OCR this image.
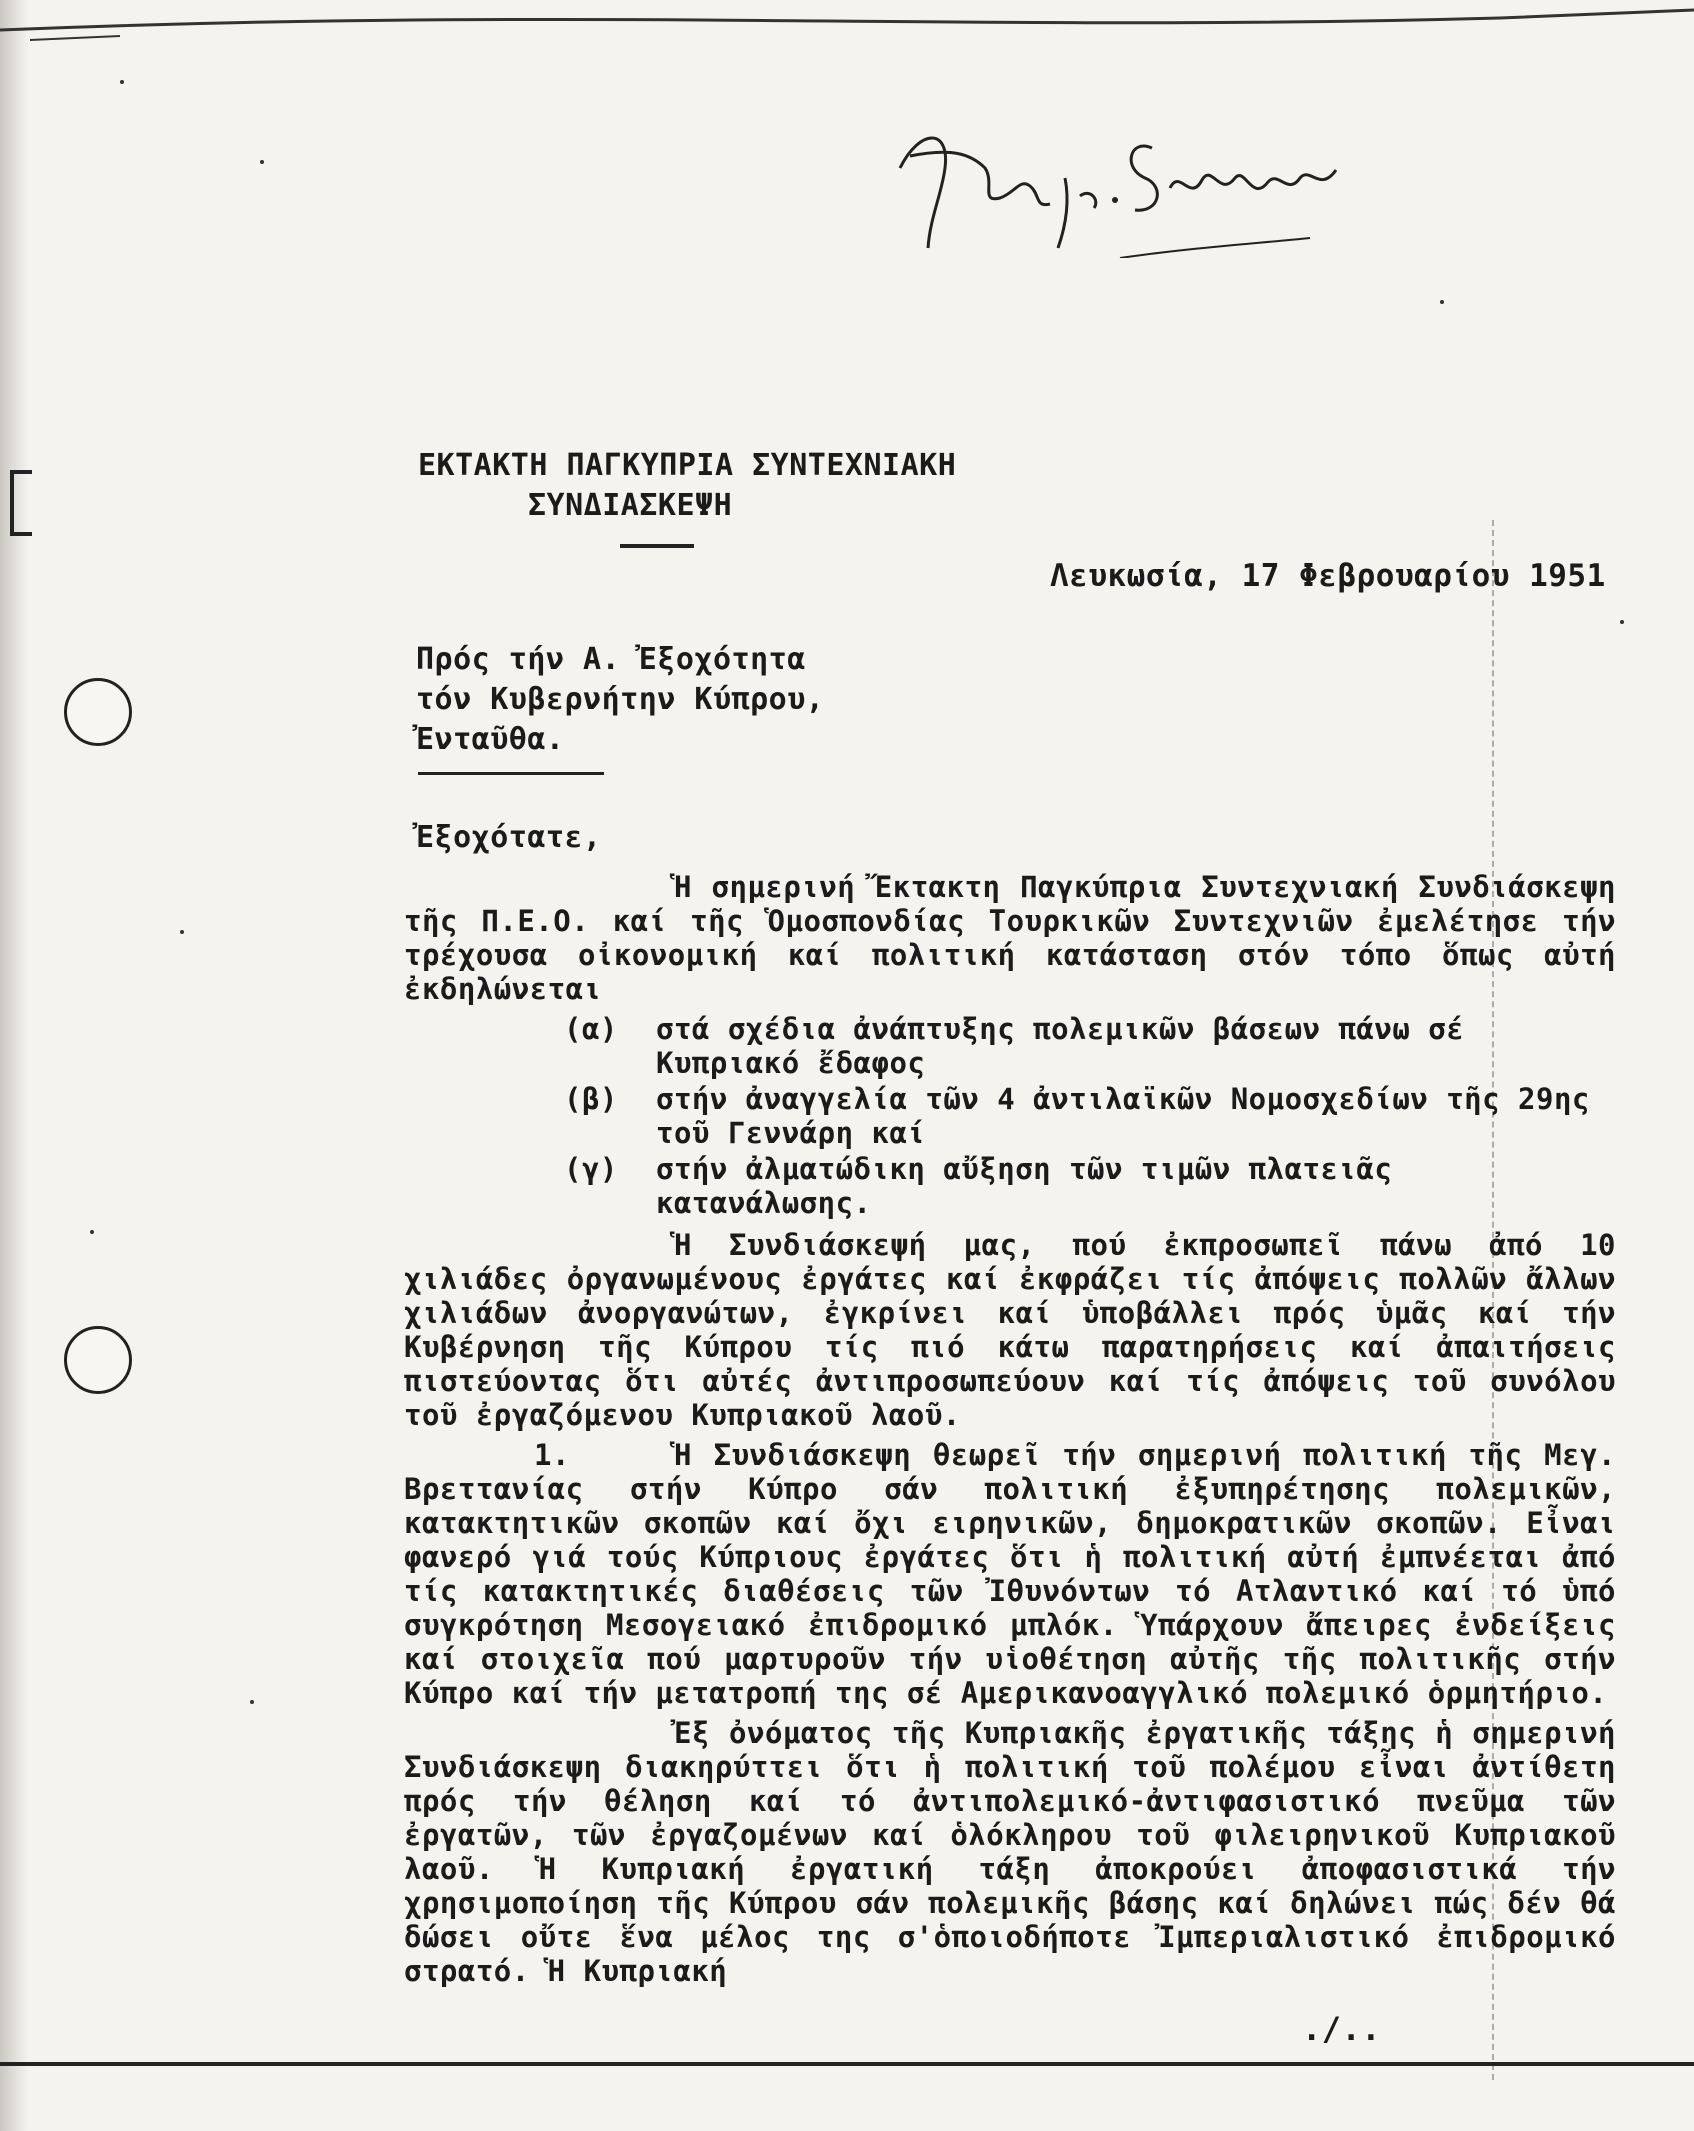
ΕΚΤΑΚΤΗ ΠΑΓΚΥΠΡΙΑ ΣΥΝΤΕΧΝΙΑΚΗ
ΣΥΝΔΙΑΣΚΕΨΗ
Λευκωσία, 17 Φεβρουαρίου 1951
Πρός τήν Α. Ἐξοχότητα
τόν Κυβερνήτην Κύπρου,
Ἐνταῦθα.
Ἐξοχότατε,

Ἡ σημερινή Ἔκτακτη Παγκύπρια Συντεχνιακή Συνδιάσκεψη τῆς Π.Ε.Ο. καί τῆς Ὁμοσπονδίας Τουρκικῶν Συντεχνιῶν ἐμελέτησε τήν τρέχουσα οἰκονομική καί πολιτική κατάσταση στόν τόπο ὅπως αὐτή ἐκδηλώνεται

(α)	στά σχέδια ἀνάπτυξης πολεμικῶν βάσεων πάνω σέ Κυπριακό ἔδαφος
(β)	στήν ἀναγγελία τῶν 4 ἀντιλαϊκῶν Νομοσχεδίων τῆς 29ης τοῦ Γεννάρη καί
(γ)	στήν ἀλματώδικη αὔξηση τῶν τιμῶν πλατειᾶς κατανάλωσης.

Ἡ Συνδιάσκεψή μας, πού ἐκπροσωπεῖ πάνω ἀπό 10 χιλιάδες ὀργανωμένους ἐργάτες καί ἐκφράζει τίς ἀπόψεις πολλῶν ἄλλων χιλιάδων ἀνοργανώτων, ἐγκρίνει καί ὑποβάλλει πρός ὑμᾶς καί τήν Κυβέρνηση τῆς Κύπρου τίς πιό κάτω παρατηρήσεις καί ἀπαιτήσεις πιστεύοντας ὅτι αὐτές ἀντιπροσωπεύουν καί τίς ἀπόψεις τοῦ συνόλου τοῦ ἐργαζόμενου Κυπριακοῦ λαοῦ.

1.	Ἡ Συνδιάσκεψη θεωρεῖ τήν σημερινή πολιτική τῆς Μεγ. Βρεττανίας στήν Κύπρο σάν πολιτική ἐξυπηρέτησης πολεμικῶν, κατακτητικῶν σκοπῶν καί ὄχι ειρηνικῶν, δημοκρατικῶν σκοπῶν. Εἶναι φανερό γιά τούς Κύπριους ἐργάτες ὅτι ἡ πολιτική αὐτή ἐμπνέεται ἀπό τίς κατακτητικές διαθέσεις τῶν Ἰθυνόντων τό Ατλαντικό καί τό ὑπό συγκρότηση Μεσογειακό ἐπιδρομικό μπλόκ. Ὑπάρχουν ἄπειρες ἐνδείξεις καί στοιχεῖα πού μαρτυροῦν τήν υἱοθέτηση αὐτῆς τῆς πολιτικῆς στήν Κύπρο καί τήν μετατροπή της σέ Αμερικανοαγγλικό πολεμικό ὁρμητήριο.

Ἐξ ὀνόματος τῆς Κυπριακῆς ἐργατικῆς τάξης ἡ σημερινή Συνδιάσκεψη διακηρύττει ὅτι ἡ πολιτική τοῦ πολέμου εἶναι ἀντίθετη πρός τήν θέληση καί τό ἀντιπολεμικό-ἀντιφασιστικό πνεῦμα τῶν ἐργατῶν, τῶν ἐργαζομένων καί ὁλόκληρου τοῦ φιλειρηνικοῦ Κυπριακοῦ λαοῦ. Ἡ Κυπριακή ἐργατική τάξη ἀποκρούει ἀποφασιστικά τήν χρησιμοποίηση τῆς Κύπρου σάν πολεμικῆς βάσης καί δηλώνει πώς δέν θά δώσει οὔτε ἕνα μέλος της σ'ὁποιοδήποτε Ἰμπεριαλιστικό ἐπιδρομικό στρατό. Ἡ Κυπριακή

./..
